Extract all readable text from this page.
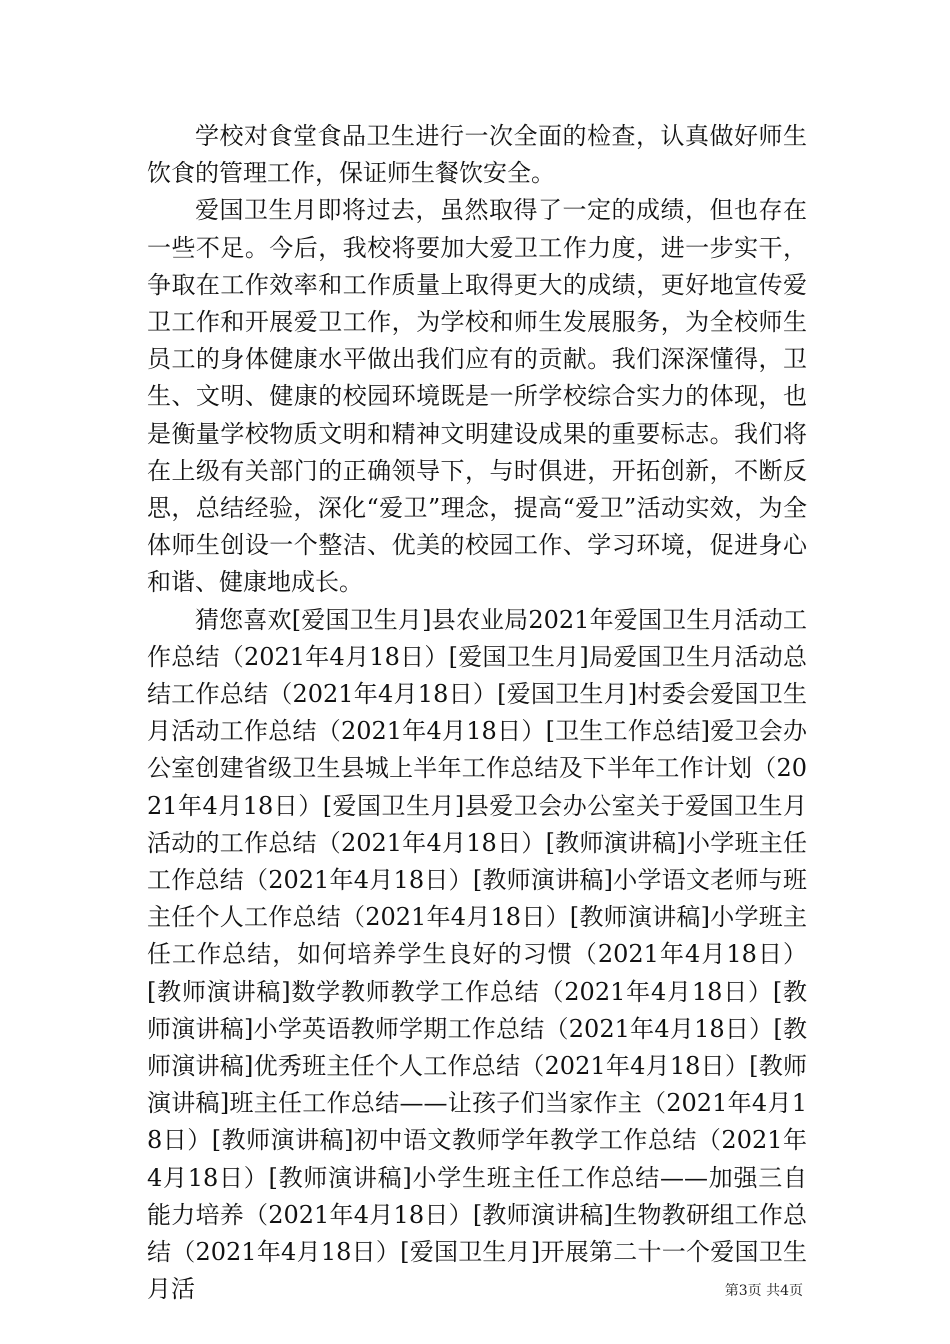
学校对食堂食品卫生进行一次全面的检查，认真做好师生饮食的管理工作，保证师生餐饮安全。

爱国卫生月即将过去，虽然取得了一定的成绩，但也存在一些不足。今后，我校将要加大爱卫工作力度，进一步实干，争取在工作效率和工作质量上取得更大的成绩，更好地宣传爱卫工作和开展爱卫工作，为学校和师生发展服务，为全校师生员工的身体健康水平做出我们应有的贡献。我们深深懂得，卫生、文明、健康的校园环境既是一所学校综合实力的体现，也是衡量学校物质文明和精神文明建设成果的重要标志。我们将在上级有关部门的正确领导下，与时俱进，开拓创新，不断反思，总结经验，深化“爱卫”理念，提高“爱卫”活动实效，为全体师生创设一个整洁、优美的校园工作、学习环境，促进身心和谐、健康地成长。

猜您喜欢[爱国卫生月]县农业局2021年爱国卫生月活动工作总结（2021年4月18日）[爱国卫生月]局爱国卫生月活动总结工作总结（2021年4月18日）[爱国卫生月]村委会爱国卫生月活动工作总结（2021年4月18日）[卫生工作总结]爱卫会办公室创建省级卫生县城上半年工作总结及下半年工作计划（2021年4月18日）[爱国卫生月]县爱卫会办公室关于爱国卫生月活动的工作总结（2021年4月18日）[教师演讲稿]小学班主任工作总结（2021年4月18日）[教师演讲稿]小学语文老师与班主任个人工作总结（2021年4月18日）[教师演讲稿]小学班主任工作总结，如何培养学生良好的习惯（2021年4月18日）[教师演讲稿]数学教师教学工作总结（2021年4月18日）[教师演讲稿]小学英语教师学期工作总结（2021年4月18日）[教师演讲稿]优秀班主任个人工作总结（2021年4月18日）[教师演讲稿]班主任工作总结——让孩子们当家作主（2021年4月18日）[教师演讲稿]初中语文教师学年教学工作总结（2021年4月18日）[教师演讲稿]小学生班主任工作总结——加强三自能力培养（2021年4月18日）[教师演讲稿]生物教研组工作总结（2021年4月18日）[爱国卫生月]开展第二十一个爱国卫生月活	第3页 共4页
